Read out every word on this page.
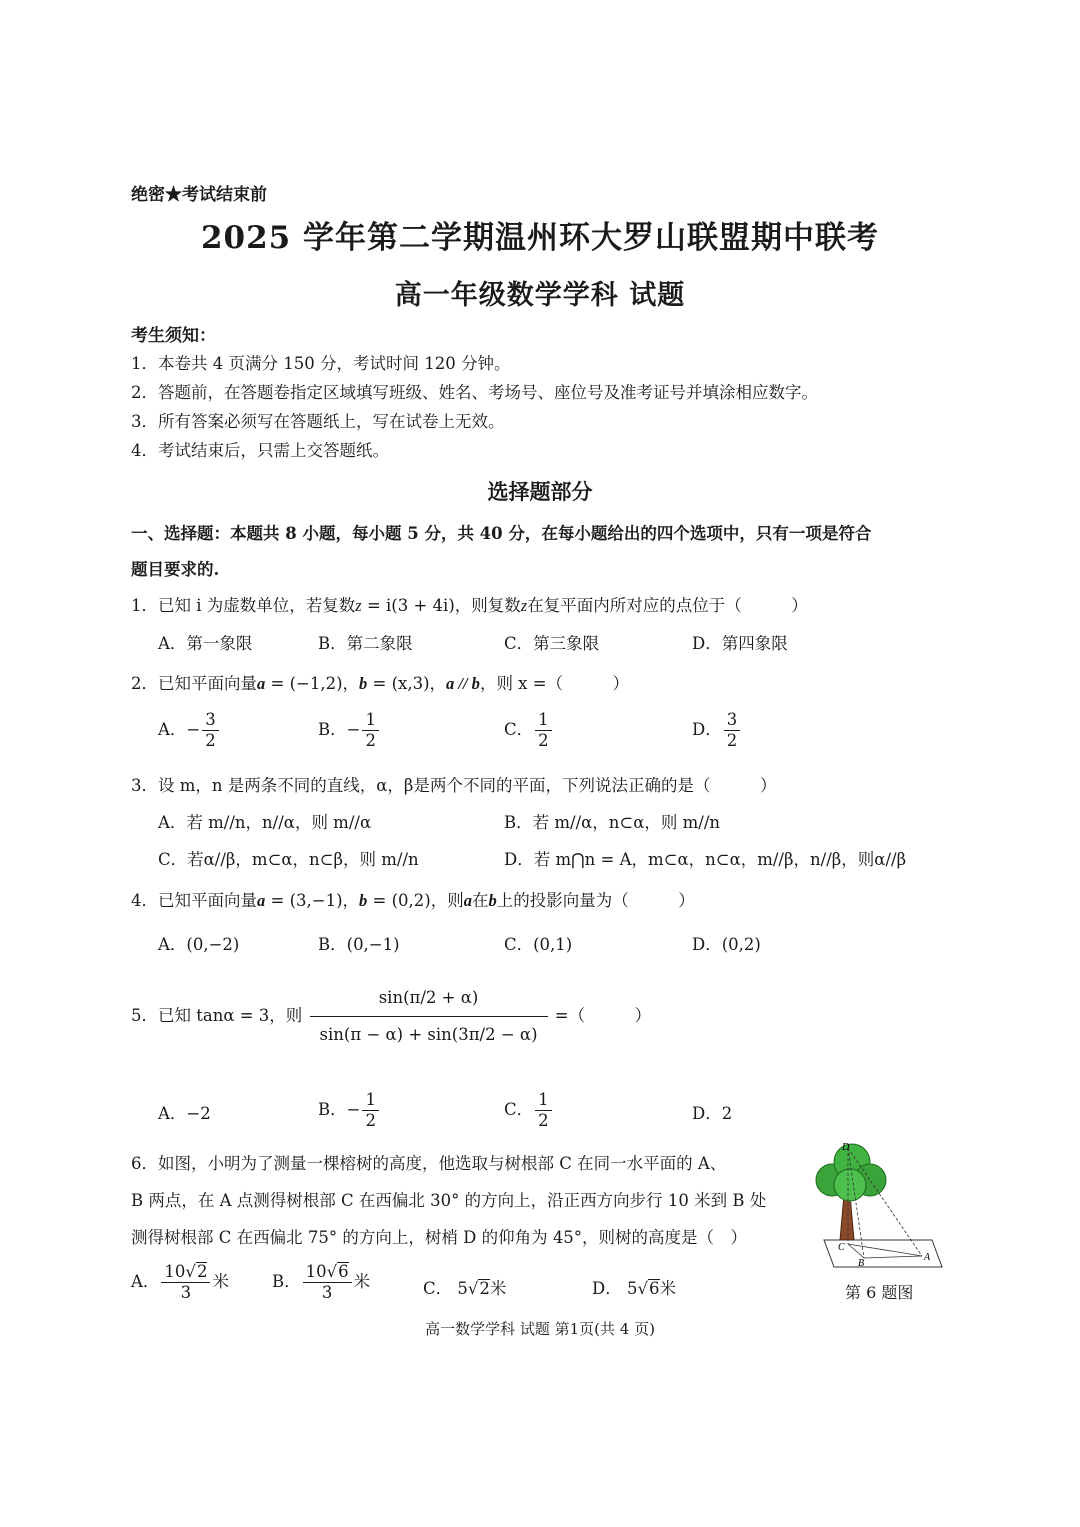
绝密★考试结束前
2025 学年第二学期温州环大罗山联盟期中联考
高一年级数学学科 试题
考生须知：
1．本卷共 4 页满分 150 分，考试时间 120 分钟。
2．答题前，在答题卷指定区域填写班级、姓名、考场号、座位号及准考证号并填涂相应数字。
3．所有答案必须写在答题纸上，写在试卷上无效。
4．考试结束后，只需上交答题纸。
选择题部分
一、选择题：本题共 8 小题，每小题 5 分，共 40 分，在每小题给出的四个选项中，只有一项是符合
题目要求的.
1．已知 i 为虚数单位，若复数z = i(3 + 4i)，则复数z在复平面内所对应的点位于（　　　）
A．第一象限	B．第二象限	C．第三象限	D．第四象限
2．已知平面向量a = (−1,2)，b = (x,3)，a // b，则 x =（　　　）
A．− $\frac{3}{2}$	B．− $\frac{1}{2}$	C． $\frac{1}{2}$	D． $\frac{3}{2}$
3．设 m，n 是两条不同的直线，α，β是两个不同的平面，下列说法正确的是（　　　）
A．若 m//n，n//α，则 m//α	B．若 m//α，n⊂α，则 m//n
C．若α//β，m⊂α，n⊂β，则 m//n	D．若 m⋂n = A，m⊂α，n⊂α，m//β，n//β，则α//β
4．已知平面向量a = (3,−1)，b = (0,2)，则a在b上的投影向量为（　　　）
A．(0,−2)	B．(0,−1)	C．(0,1)	D．(0,2)
5．已知 tanα = 3，则 $\frac{\sin(\pi/2 + \alpha)}{\sin(\pi - \alpha) + \sin(3\pi/2 - \alpha)}$ =（　　　）
A．−2	B．− $\frac{1}{2}$	C． $\frac{1}{2}$	D．2
6．如图，小明为了测量一棵榕树的高度，他选取与树根部 C 在同一水平面的 A、
B 两点，在 A 点测得树根部 C 在西偏北 30° 的方向上，沿正西方向步行 10 米到 B 处
测得树根部 C 在西偏北 75° 的方向上，树梢 D 的仰角为 45°，则树的高度是（　）
A． $\frac{10√2}{3}$ 米	B． $\frac{10√6}{3}$ 米	C． 5√2米	D． 5√6米
D
C
B
A
第 6 题图
高一数学学科 试题 第1页(共 4 页)
